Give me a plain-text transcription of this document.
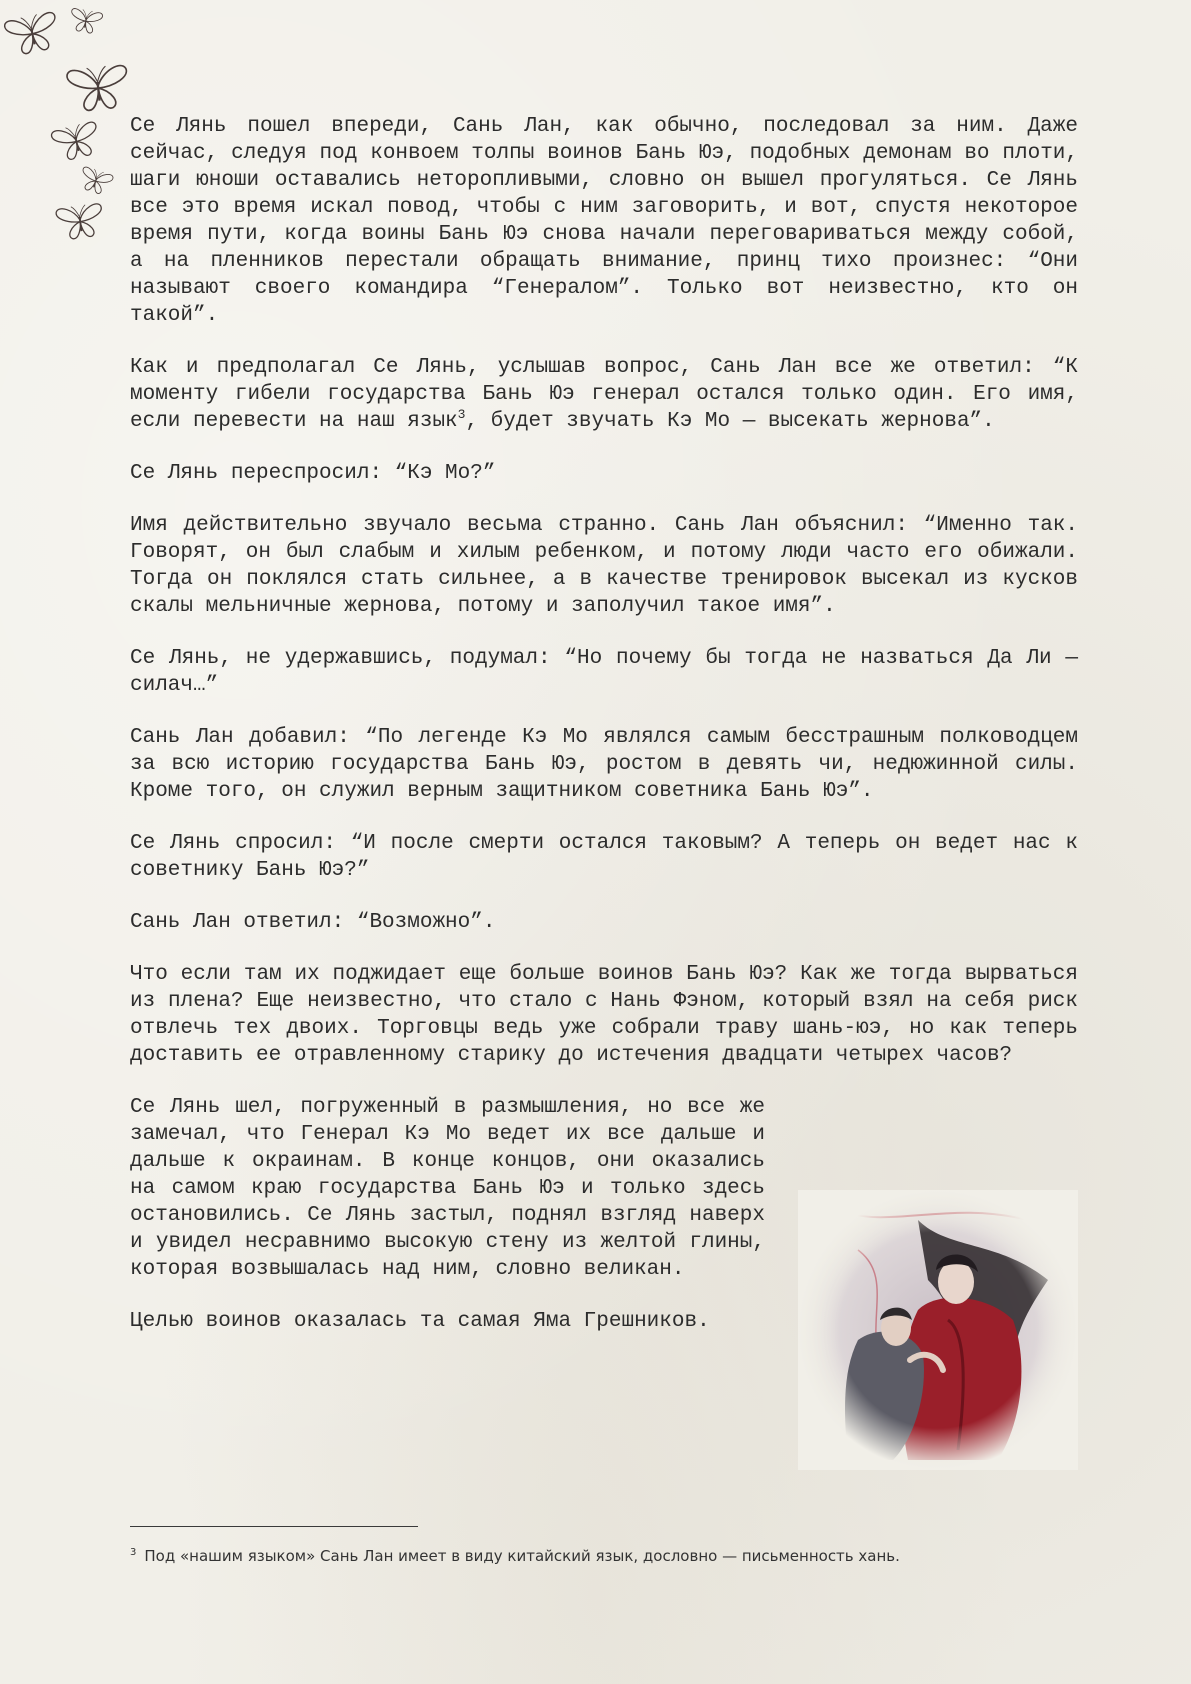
Се Лянь пошел впереди, Сань Лан, как обычно, последовал за ним. Даже сейчас, следуя под конвоем толпы воинов Бань Юэ, подобных демонам во плоти, шаги юноши оставались неторопливыми, словно он вышел прогуляться. Се Лянь все это время искал повод, чтобы с ним заговорить, и вот, спустя некоторое время пути, когда воины Бань Юэ снова начали переговариваться между собой, а на пленников перестали обращать внимание, принц тихо произнес: “Они называют своего командира “Генералом”. Только вот неизвестно, кто он такой”.

Как и предполагал Се Лянь, услышав вопрос, Сань Лан все же ответил: “К моменту гибели государства Бань Юэ генерал остался только один. Его имя, если перевести на наш язык$^3$, будет звучать Кэ Мо — высекать жернова”.

Се Лянь переспросил: “Кэ Мо?”

Имя действительно звучало весьма странно. Сань Лан объяснил: “Именно так. Говорят, он был слабым и хилым ребенком, и потому люди часто его обижали. Тогда он поклялся стать сильнее, а в качестве тренировок высекал из кусков скалы мельничные жернова, потому и заполучил такое имя”.

Се Лянь, не удержавшись, подумал: “Но почему бы тогда не назваться Да Ли — силач…”

Сань Лан добавил: “По легенде Кэ Мо являлся самым бесстрашным полководцем за всю историю государства Бань Юэ, ростом в девять чи, недюжинной силы. Кроме того, он служил верным защитником советника Бань Юэ”.

Се Лянь спросил: “И после смерти остался таковым? А теперь он ведет нас к советнику Бань Юэ?”

Сань Лан ответил: “Возможно”.

Что если там их поджидает еще больше воинов Бань Юэ? Как же тогда вырваться из плена? Еще неизвестно, что стало с Нань Фэном, который взял на себя риск отвлечь тех двоих. Торговцы ведь уже собрали траву шань-юэ, но как теперь доставить ее отравленному старику до истечения двадцати четырех часов?

Се Лянь шел, погруженный в размышления, но все же замечал, что Генерал Кэ Мо ведет их все дальше и дальше к окраинам. В конце концов, они оказались на самом краю государства Бань Юэ и только здесь остановились. Се Лянь застыл, поднял взгляд наверх и увидел несравнимо высокую стену из желтой глины, которая возвышалась над ним, словно великан.

Целью воинов оказалась та самая Яма Грешников.

$^3$ Под «нашим языком» Сань Лан имеет в виду китайский язык, дословно — письменность хань.
